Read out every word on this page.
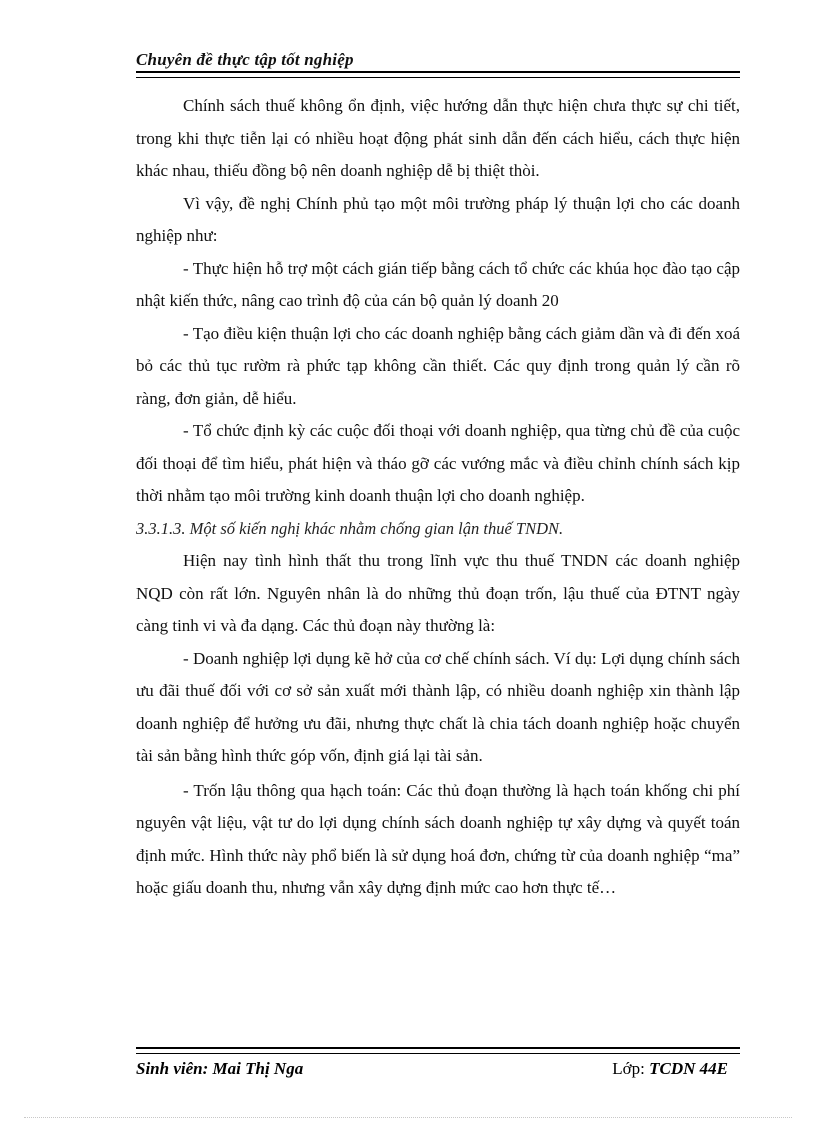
Chuyên đề thực tập tốt nghiệp

Chính sách thuế không ổn định, việc hướng dẫn thực hiện chưa thực sự chi tiết, trong khi thực tiễn lại có nhiều hoạt động phát sinh dẫn đến cách hiểu, cách thực hiện khác nhau, thiếu đồng bộ nên doanh nghiệp dễ bị thiệt thòi.

Vì vậy, đề nghị Chính phủ tạo một môi trường pháp lý thuận lợi cho các doanh nghiệp như:

- Thực hiện hỗ trợ một cách gián tiếp bằng cách tổ chức các khúa học đào tạo cập nhật kiến thức, nâng cao trình độ của cán bộ quản lý doanh 20

- Tạo điều kiện thuận lợi cho các doanh nghiệp bằng cách giảm dần và đi đến xoá bỏ các thủ tục rườm rà phức tạp không cần thiết. Các quy định trong quản lý cần rõ ràng, đơn giản, dễ hiểu.

- Tổ chức định kỳ các cuộc đối thoại với doanh nghiệp, qua từng chủ đề của cuộc đối thoại để tìm hiểu, phát hiện và tháo gỡ các vướng mắc và điều chỉnh chính sách kịp thời nhằm tạo môi trường kinh doanh thuận lợi cho doanh nghiệp.

3.3.1.3. Một số kiến nghị khác nhằm chống gian lận thuế TNDN.

Hiện nay tình hình thất thu trong lĩnh vực thu thuế TNDN các doanh nghiệp NQD còn rất lớn. Nguyên nhân là do những thủ đoạn trốn, lậu thuế của ĐTNT ngày càng tinh vi và đa dạng. Các thủ đoạn này thường là:

- Doanh nghiệp lợi dụng kẽ hở của cơ chế chính sách. Ví dụ: Lợi dụng chính sách ưu đãi thuế đối với cơ sở sản xuất mới thành lập, có nhiều doanh nghiệp xin thành lập doanh nghiệp để hưởng ưu đãi, nhưng thực chất là chia tách doanh nghiệp hoặc chuyển tài sản bằng hình thức góp vốn, định giá lại tài sản.

- Trốn lậu thông qua hạch toán: Các thủ đoạn thường là hạch toán khống chi phí nguyên vật liệu, vật tư do lợi dụng chính sách doanh nghiệp tự xây dựng và quyết toán định mức. Hình thức này phổ biến là sử dụng hoá đơn, chứng từ của doanh nghiệp “ma” hoặc giấu doanh thu, nhưng vẫn xây dựng định mức cao hơn thực tế…

Sinh viên: Mai Thị Nga	Lớp: TCDN 44E
